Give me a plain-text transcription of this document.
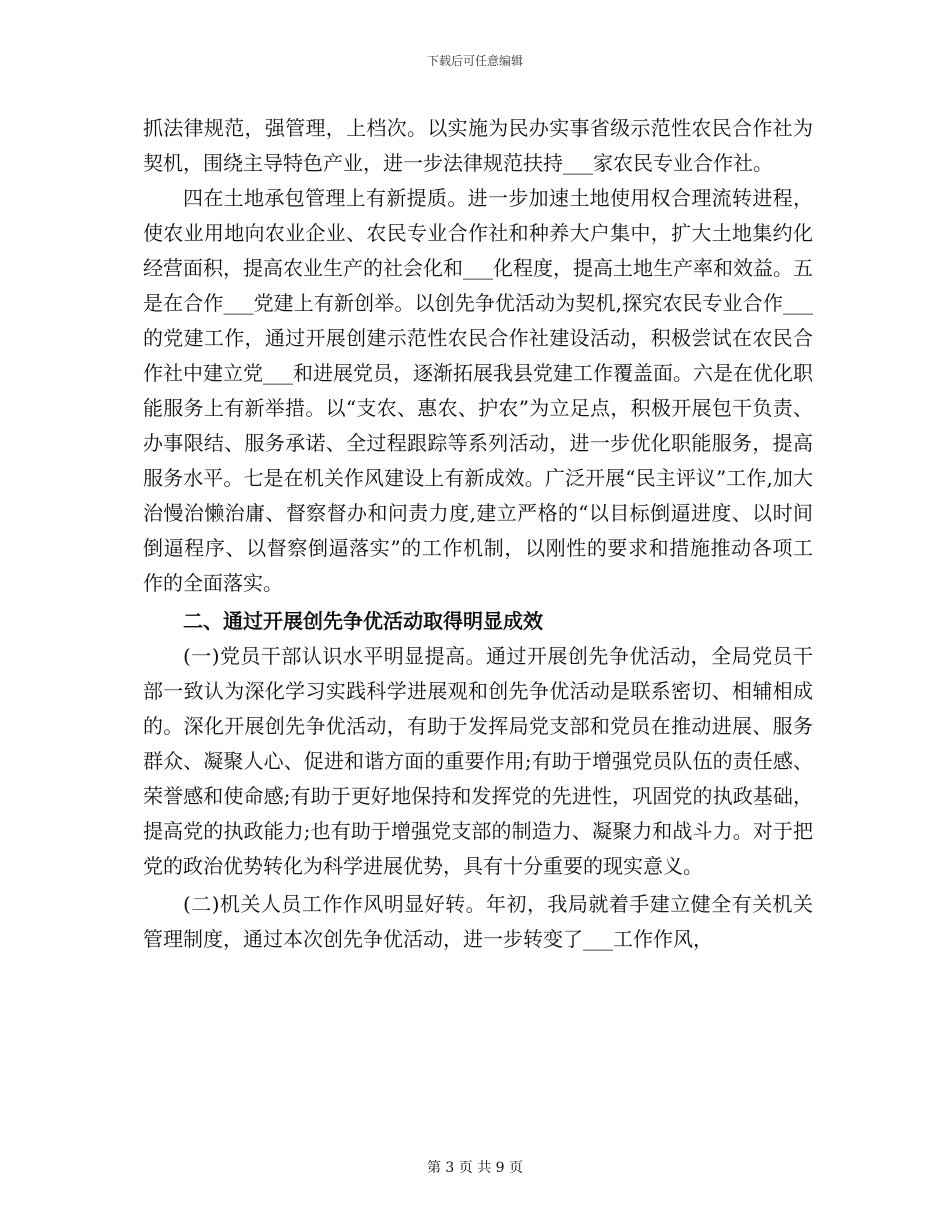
下载后可任意编辑

抓法律规范，强管理，上档次。以实施为民办实事省级示范性农民合作社为契机，围绕主导特色产业，进一步法律规范扶持___家农民专业合作社。

四在土地承包管理上有新提质。进一步加速土地使用权合理流转进程，使农业用地向农业企业、农民专业合作社和种养大户集中，扩大土地集约化经营面积，提高农业生产的社会化和___化程度，提高土地生产率和效益。五是在合作___党建上有新创举。以创先争优活动为契机,探究农民专业合作___的党建工作，通过开展创建示范性农民合作社建设活动，积极尝试在农民合作社中建立党___和进展党员，逐渐拓展我县党建工作覆盖面。六是在优化职能服务上有新举措。以“支农、惠农、护农”为立足点，积极开展包干负责、办事限结、服务承诺、全过程跟踪等系列活动，进一步优化职能服务，提高服务水平。七是在机关作风建设上有新成效。广泛开展“民主评议”工作,加大治慢治懒治庸、督察督办和问责力度,建立严格的“以目标倒逼进度、以时间倒逼程序、以督察倒逼落实”的工作机制，以刚性的要求和措施推动各项工作的全面落实。

二、通过开展创先争优活动取得明显成效

(一)党员干部认识水平明显提高。通过开展创先争优活动，全局党员干部一致认为深化学习实践科学进展观和创先争优活动是联系密切、相辅相成的。深化开展创先争优活动，有助于发挥局党支部和党员在推动进展、服务群众、凝聚人心、促进和谐方面的重要作用;有助于增强党员队伍的责任感、荣誉感和使命感;有助于更好地保持和发挥党的先进性，巩固党的执政基础，提高党的执政能力;也有助于增强党支部的制造力、凝聚力和战斗力。对于把党的政治优势转化为科学进展优势，具有十分重要的现实意义。

(二)机关人员工作作风明显好转。年初，我局就着手建立健全有关机关管理制度，通过本次创先争优活动，进一步转变了___工作作风，

第 3 页 共 9 页
